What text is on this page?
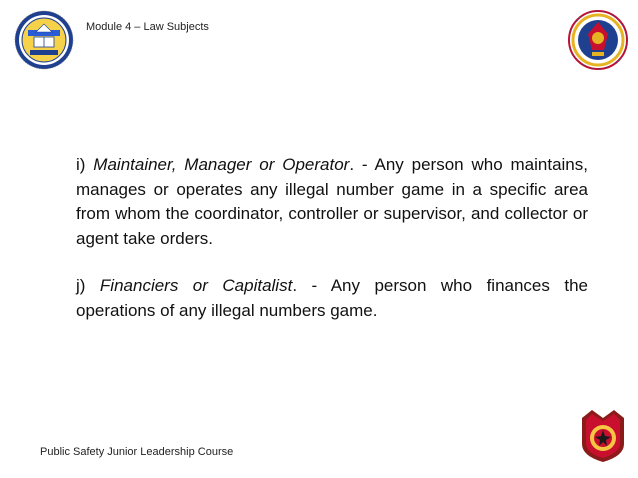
Module 4 – Law Subjects

i) Maintainer, Manager or Operator. - Any person who maintains, manages or operates any illegal number game in a specific area from whom the coordinator, controller or supervisor, and collector or agent take orders.

j) Financiers or Capitalist. - Any person who finances the

operations of any illegal numbers game.

Public Safety Junior Leadership Course
